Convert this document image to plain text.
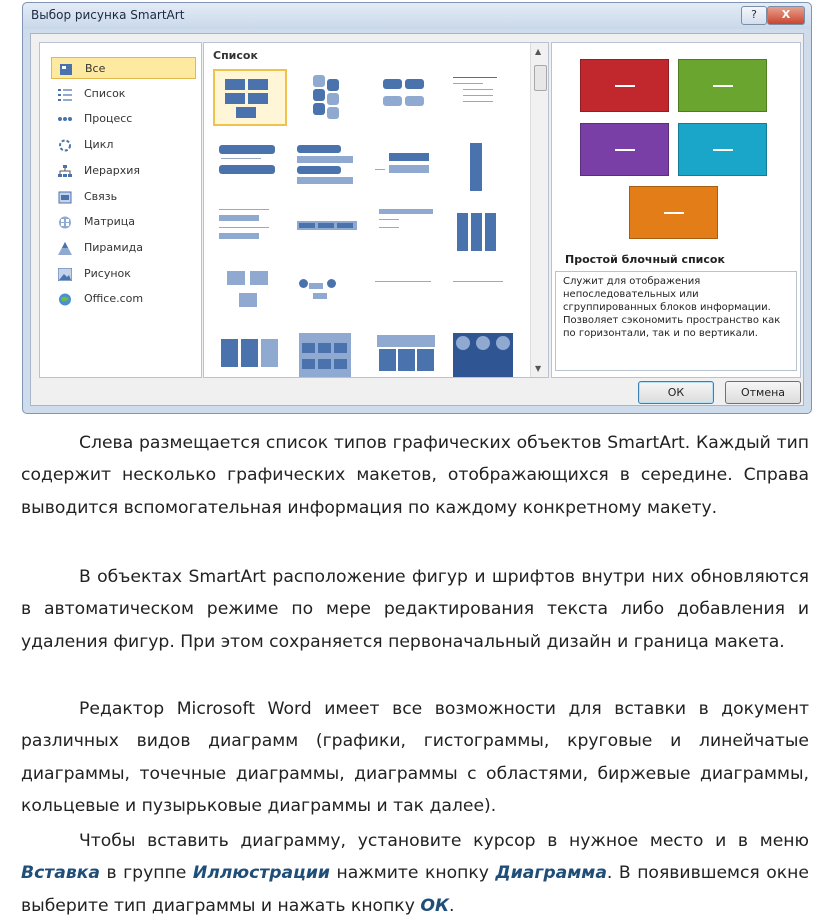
Выбор рисунка SmartArt	?	X
Все
Список
Процесс
Цикл
Иерархия
Связь
Матрица
Пирамида
Рисунок
Office.com
Список	▲
▼
Простой блочный список
Служит для отображения непоследовательных или сгруппированных блоков информации. Позволяет сэкономить пространство как по горизонтали, так и по вертикали.
ОК	Отмена

Слева размещается список типов графических объектов SmartArt. Каждый тип содержит несколько графических макетов, отображающихся в середине. Справа выводится вспомогательная информация по каждому конкретному макету.

В объектах SmartArt расположение фигур и шрифтов внутри них обновляются в автоматическом режиме по мере редактирования текста либо добавления и удаления фигур. При этом сохраняется первоначальный дизайн и граница макета.

Редактор Microsoft Word имеет все возможности для вставки в документ различных видов диаграмм (графики, гистограммы, круговые и линейчатые диаграммы, точечные диаграммы, диаграммы с областями, биржевые диаграммы, кольцевые и пузырьковые диаграммы и так далее).

Чтобы вставить диаграмму, установите курсор в нужное место и в меню Вставка в группе Иллюстрации нажмите кнопку Диаграмма. В появившемся окне выберите тип диаграммы и нажать кнопку ОК.
